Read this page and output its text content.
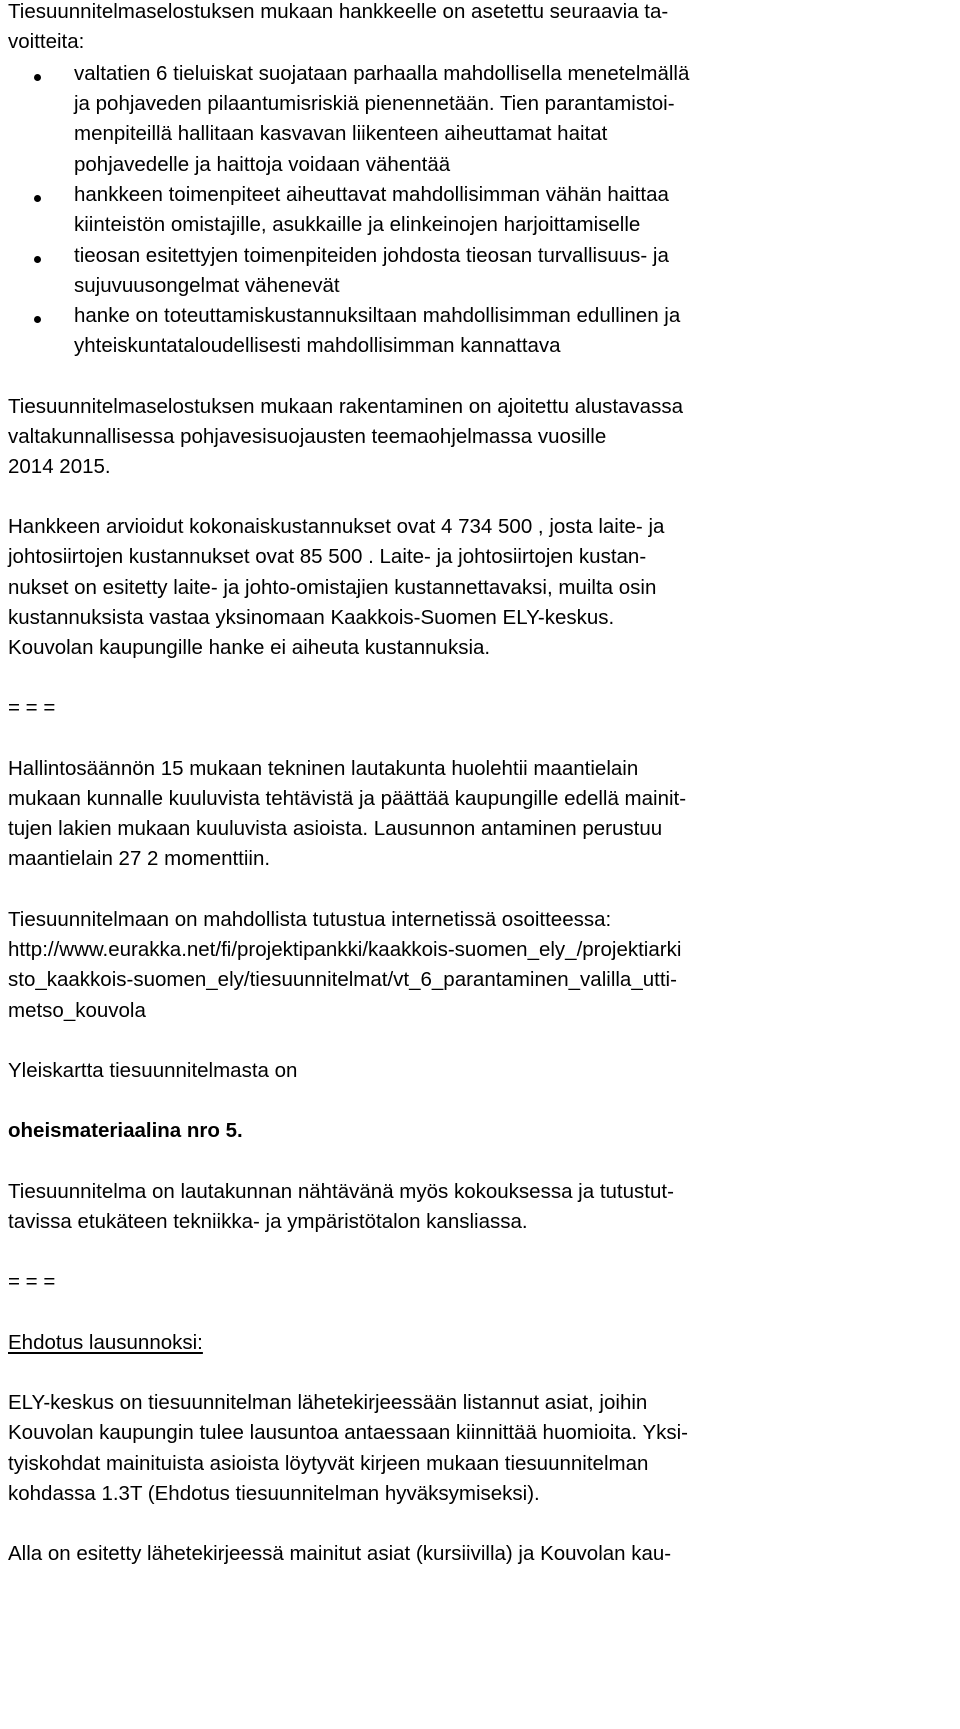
Tiesuunnitelmaselostuksen mukaan hankkeelle on asetettu seuraavia ta-
voitteita:
valtatien 6 tieluiskat suojataan parhaalla mahdollisella menetelmällä
ja pohjaveden pilaantumisriskiä pienennetään. Tien parantamistoi-
menpiteillä hallitaan kasvavan liikenteen aiheuttamat haitat
pohjavedelle ja haittoja voidaan vähentää
hankkeen toimenpiteet aiheuttavat mahdollisimman vähän haittaa
kiinteistön omistajille, asukkaille ja elinkeinojen harjoittamiselle
tieosan esitettyjen toimenpiteiden johdosta tieosan turvallisuus- ja
sujuvuusongelmat vähenevät
hanke on toteuttamiskustannuksiltaan mahdollisimman edullinen ja
yhteiskuntataloudellisesti mahdollisimman kannattava
Tiesuunnitelmaselostuksen mukaan rakentaminen on ajoitettu alustavassa
valtakunnallisessa pohjavesisuojausten teemaohjelmassa vuosille
2014 2015.
Hankkeen arvioidut kokonaiskustannukset ovat 4 734 500 , josta laite- ja
johtosiirtojen kustannukset ovat 85 500 . Laite- ja johtosiirtojen kustan-
nukset on esitetty laite- ja johto-omistajien kustannettavaksi, muilta osin
kustannuksista vastaa yksinomaan Kaakkois-Suomen ELY-keskus.
Kouvolan kaupungille hanke ei aiheuta kustannuksia.
= = =
Hallintosäännön 15 mukaan tekninen lautakunta huolehtii maantielain
mukaan kunnalle kuuluvista tehtävistä ja päättää kaupungille edellä mainit-
tujen lakien mukaan kuuluvista asioista. Lausunnon antaminen perustuu
maantielain 27 2 momenttiin.
Tiesuunnitelmaan on mahdollista tutustua internetissä osoitteessa:
http://www.eurakka.net/fi/projektipankki/kaakkois-suomen_ely_/projektiarki
sto_kaakkois-suomen_ely/tiesuunnitelmat/vt_6_parantaminen_valilla_utti-
metso_kouvola
Yleiskartta tiesuunnitelmasta on
oheismateriaalina nro 5.
Tiesuunnitelma on lautakunnan nähtävänä myös kokouksessa ja tutustut-
tavissa etukäteen tekniikka- ja ympäristötalon kansliassa.
= = =
Ehdotus lausunnoksi:
ELY-keskus on tiesuunnitelman lähetekirjeessään listannut asiat, joihin
Kouvolan kaupungin tulee lausuntoa antaessaan kiinnittää huomioita. Yksi-
tyiskohdat mainituista asioista löytyvät kirjeen mukaan tiesuunnitelman
kohdassa 1.3T (Ehdotus tiesuunnitelman hyväksymiseksi).
Alla on esitetty lähetekirjeessä mainitut asiat (kursiivilla) ja Kouvolan kau-
